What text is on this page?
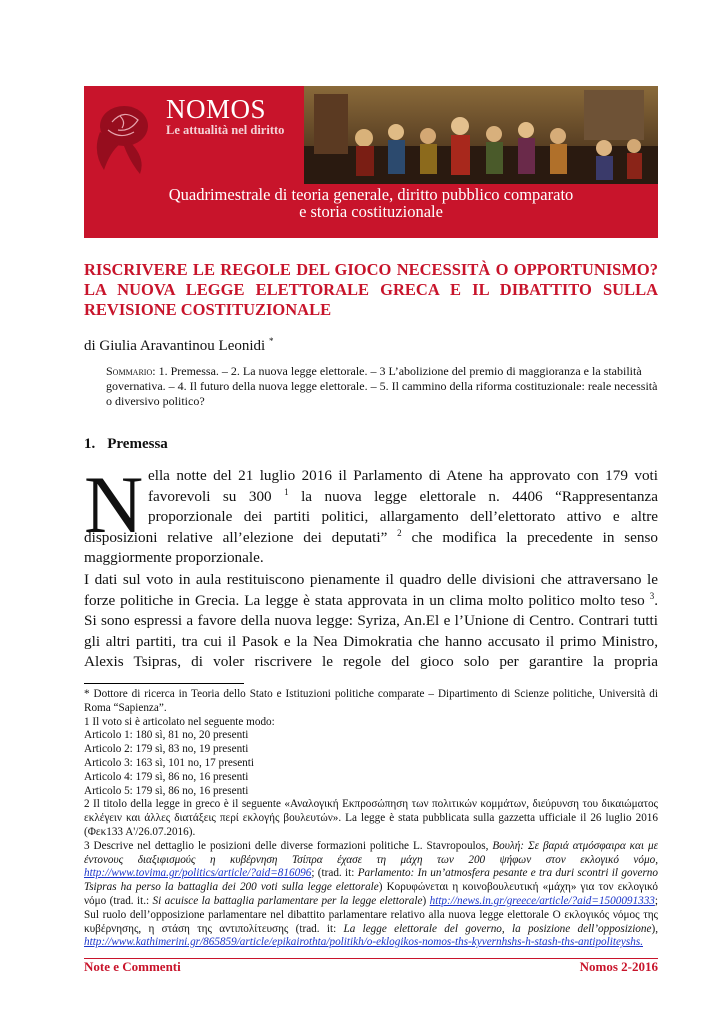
NOMOS
Le attualità nel diritto
Quadrimestrale di teoria generale, diritto pubblico comparato
e storia costituzionale
RISCRIVERE LE REGOLE DEL GIOCO NECESSITÀ O OPPORTUNISMO? LA NUOVA LEGGE ELETTORALE GRECA E IL DIBATTITO SULLA REVISIONE COSTITUZIONALE
di Giulia Aravantinou Leonidi *
Sommario: 1. Premessa. – 2. La nuova legge elettorale. – 3 L’abolizione del premio di maggioranza e la stabilità governativa. – 4. Il futuro della nuova legge elettorale. – 5. Il cammino della riforma costituzionale: reale necessità o diversivo politico?
1. Premessa
N ella notte del 21 luglio 2016 il Parlamento di Atene ha approvato con 179 voti
favorevoli su 300 $^1$ la nuova legge elettorale n. 4406 “Rappresentanza
proporzionale dei partiti politici, allargamento dell’elettorato attivo e altre
disposizioni relative all’elezione dei deputati” $^2$ che modifica la precedente in senso
maggiormente proporzionale.
I dati sul voto in aula restituiscono pienamente il quadro delle divisioni che attraversano le
forze politiche in Grecia. La legge è stata approvata in un clima molto politico molto teso $^3$.
Si sono espressi a favore della nuova legge: Syriza, An.El e l’Unione di Centro. Contrari tutti
gli altri partiti, tra cui il Pasok e la Nea Dimokratia che hanno accusato il primo Ministro,
Alexis Tsipras, di voler riscrivere le regole del gioco solo per garantire la propria
* Dottore di ricerca in Teoria dello Stato e Istituzioni politiche comparate – Dipartimento di Scienze politiche, Università di Roma “Sapienza”.
1 Il voto si è articolato nel seguente modo:
Articolo 1: 180 sì, 81 no, 20 presenti
Articolo 2: 179 sì, 83 no, 19 presenti
Articolo 3: 163 sì, 101 no, 17 presenti
Articolo 4: 179 sì, 86 no, 16 presenti
Articolo 5: 179 sì, 86 no, 16 presenti
2 Il titolo della legge in greco è il seguente «Αναλογική Εκπροσώπηση των πολιτικών κομμάτων, διεύρυνση του δικαιώματος εκλέγειν και άλλες διατάξεις περί εκλογής βουλευτών». La legge è stata pubblicata sulla gazzetta ufficiale il 26 luglio 2016 (Φεκ133 Α'/26.07.2016).
3 Descrive nel dettaglio le posizioni delle diverse formazioni politiche L. Stavropoulos, Βουλή: Σε βαριά ατμόσφαιρα και με έντονους διαξιφισμούς η κυβέρνηση Τσίπρα έχασε τη μάχη των 200 ψήφων στον εκλογικό νόμο, http://www.tovima.gr/politics/article/?aid=816096; (trad. it: Parlamento: In un’atmosfera pesante e tra duri scontri il governo Tsipras ha perso la battaglia dei 200 voti sulla legge elettorale) Κορυφώνεται η κοινοβουλευτική «μάχη» για τον εκλογικό νόμο (trad. it.: Si acuisce la battaglia parlamentare per la legge elettorale) http://news.in.gr/greece/article/?aid=1500091333; Sul ruolo dell’opposizione parlamentare nel dibattito parlamentare relativo alla nuova legge elettorale Ο εκλογικός νόμος της κυβέρνησης, η στάση της αντιπολίτευσης (trad. it: La legge elettorale del governo, la posizione dell’opposizione), http://www.kathimerini.gr/865859/article/epikairothta/politikh/o-eklogikos-nomos-ths-kyvernhshs-h-stash-ths-antipoliteyshs.
Note e Commenti	Nomos 2-2016
